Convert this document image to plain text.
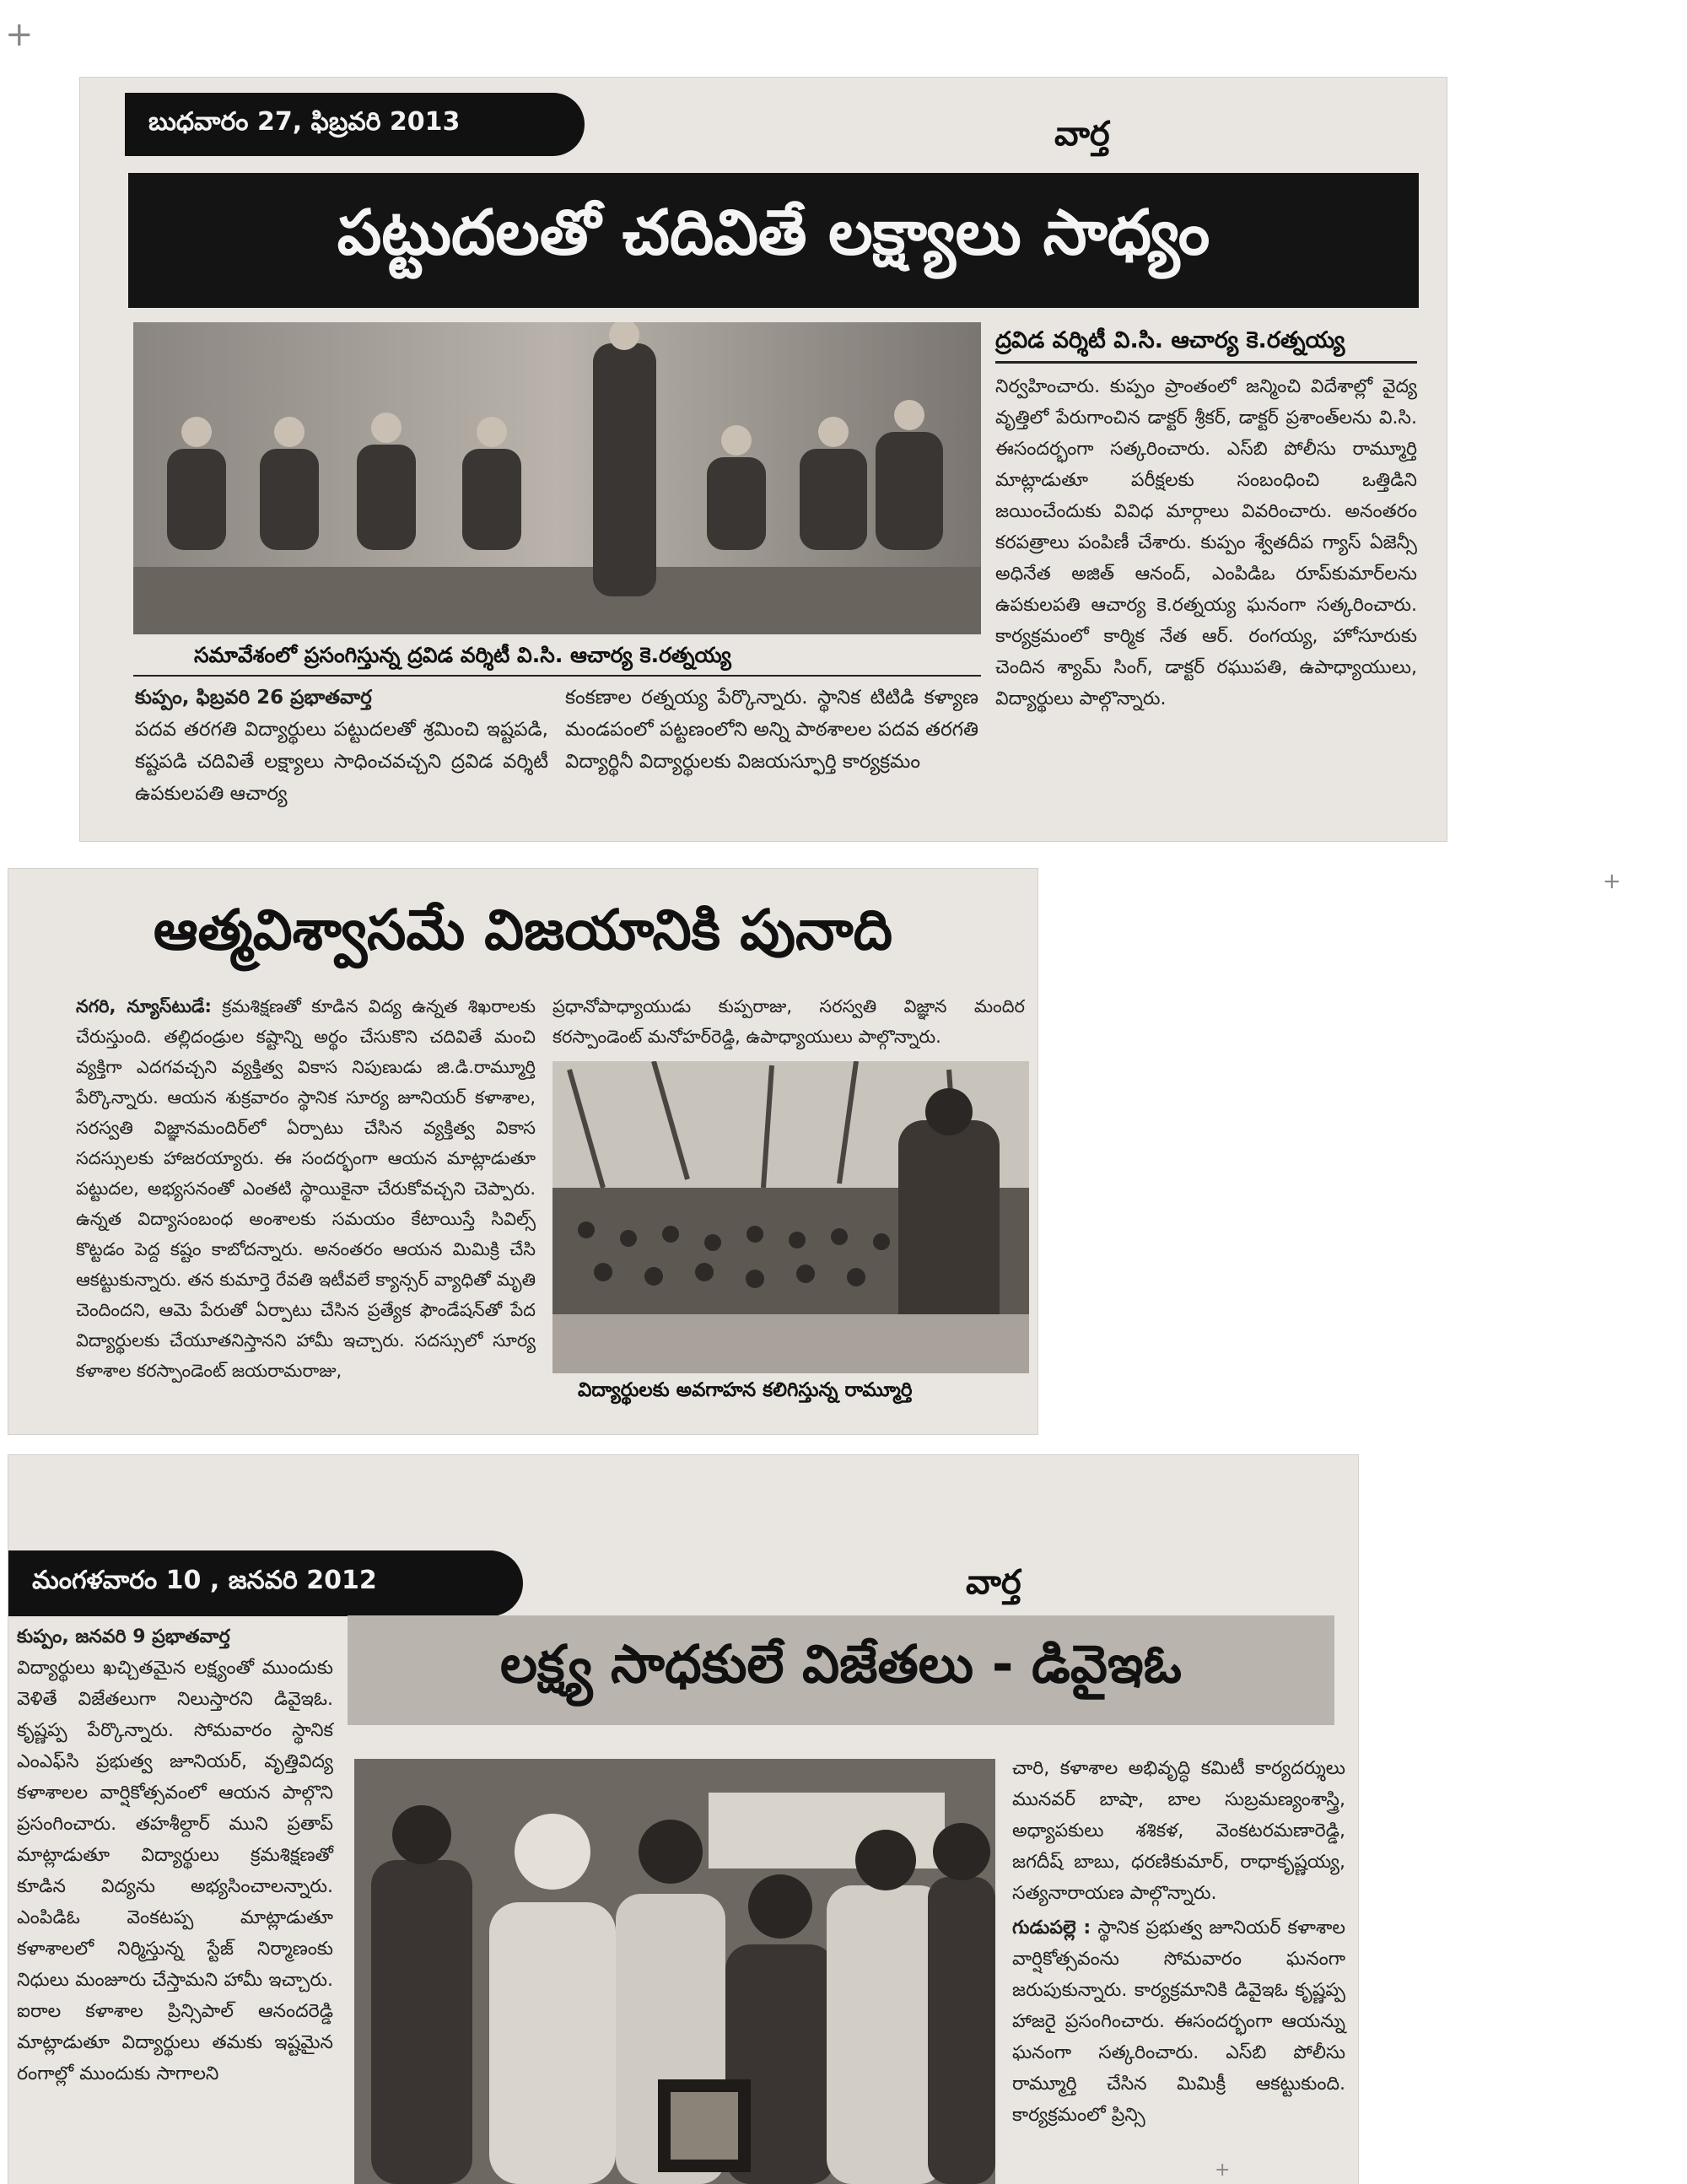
బుధవారం 27, ఫిబ్రవరి 2013	వార్త
పట్టుదలతో చదివితే లక్ష్యాలు సాధ్యం
ద్రవిడ వర్శిటీ వి.సి. ఆచార్య కె.రత్నయ్య
సమావేశంలో ప్రసంగిస్తున్న ద్రవిడ వర్శిటీ వి.సి. ఆచార్య కె.రత్నయ్య
కుప్పం, ఫిబ్రవరి 26 ప్రభాతవార్త
పదవ తరగతి విద్యార్థులు పట్టుదలతో శ్రమించి ఇష్టపడి, కష్టపడి చదివితే లక్ష్యాలు సాధించవచ్చని ద్రవిడ వర్శిటీ ఉపకులపతి ఆచార్య
కంకణాల రత్నయ్య పేర్కొన్నారు. స్థానిక టిటిడి కళ్యాణ మండపంలో పట్టణంలోని అన్ని పాఠశాలల పదవ తరగతి విద్యార్థినీ విద్యార్థులకు విజయస్ఫూర్తి కార్యక్రమం
నిర్వహించారు. కుప్పం ప్రాంతంలో జన్మించి విదేశాల్లో వైద్య వృత్తిలో పేరుగాంచిన డాక్టర్ శ్రీకర్, డాక్టర్ ప్రశాంత్‌లను వి.సి. ఈసందర్భంగా సత్కరించారు. ఎస్‌బి పోలీసు రామ్మూర్తి మాట్లాడుతూ పరీక్షలకు సంబంధించి ఒత్తిడిని జయించేందుకు వివిధ మార్గాలు వివరించారు. అనంతరం కరపత్రాలు పంపిణీ చేశారు. కుప్పం శ్వేతదీప గ్యాస్ ఏజెన్సీ అధినేత అజిత్ ఆనంద్, ఎంపిడిఒ రూప్‌కుమార్‌లను ఉపకులపతి ఆచార్య కె.రత్నయ్య ఘనంగా సత్కరించారు. కార్యక్రమంలో కార్మిక నేత ఆర్. రంగయ్య, హోసూరుకు చెందిన శ్యామ్ సింగ్, డాక్టర్ రఘుపతి, ఉపాధ్యాయులు, విద్యార్థులు పాల్గొన్నారు.
ఆత్మవిశ్వాసమే విజయానికి పునాది
నగరి, న్యూస్‌టుడే: క్రమశిక్షణతో కూడిన విద్య ఉన్నత శిఖరాలకు చేరుస్తుంది. తల్లిదండ్రుల కష్టాన్ని అర్థం చేసుకొని చదివితే మంచి వ్యక్తిగా ఎదగవచ్చని వ్యక్తిత్వ వికాస నిపుణుడు జి.డి.రామ్మూర్తి పేర్కొన్నారు. ఆయన శుక్రవారం స్థానిక సూర్య జూనియర్ కళాశాల, సరస్వతి విజ్ఞానమందిర్‌లో ఏర్పాటు చేసిన వ్యక్తిత్వ వికాస సదస్సులకు హాజరయ్యారు. ఈ సందర్భంగా ఆయన మాట్లాడుతూ పట్టుదల, అభ్యసనంతో ఎంతటి స్థాయికైనా చేరుకోవచ్చని చెప్పారు. ఉన్నత విద్యాసంబంధ అంశాలకు సమయం కేటాయిస్తే సివిల్స్ కొట్టడం పెద్ద కష్టం కాబోదన్నారు. అనంతరం ఆయన మిమిక్రి చేసి ఆకట్టుకున్నారు. తన కుమార్తె రేవతి ఇటీవలే క్యాన్సర్ వ్యాధితో మృతి చెందిందని, ఆమె పేరుతో ఏర్పాటు చేసిన ప్రత్యేక ఫౌండేషన్‌తో పేద విద్యార్థులకు చేయూతనిస్తానని హామీ ఇచ్చారు. సదస్సులో సూర్య కళాశాల కరస్పాండెంట్ జయరామరాజు,
ప్రధానోపాధ్యాయుడు కుప్పరాజు, సరస్వతి విజ్ఞాన మందిర కరస్పాండెంట్ మనోహర్‌రెడ్డి, ఉపాధ్యాయులు పాల్గొన్నారు.
విద్యార్థులకు అవగాహన కలిగిస్తున్న రామ్మూర్తి
మంగళవారం 10 , జనవరి 2012	వార్త
లక్ష్య సాధకులే విజేతలు - డివైఇఓ
కుప్పం, జనవరి 9 ప్రభాతవార్త
విద్యార్థులు ఖచ్చితమైన లక్ష్యంతో ముందుకు వెళితే విజేతలుగా నిలుస్తారని డివైఇఓ. కృష్ణప్ప పేర్కొన్నారు. సోమవారం స్థానిక ఎంఎఫ్‌సి ప్రభుత్వ జూనియర్, వృత్తివిద్య కళాశాలల వార్షికోత్సవంలో ఆయన పాల్గొని ప్రసంగించారు. తహశీల్దార్ ముని ప్రతాప్ మాట్లాడుతూ విద్యార్థులు క్రమశిక్షణతో కూడిన విద్యను అభ్యసించాలన్నారు. ఎంపిడిఓ వెంకటప్ప మాట్లాడుతూ కళాశాలలో నిర్మిస్తున్న స్టేజ్ నిర్మాణంకు నిధులు మంజూరు చేస్తామని హామీ ఇచ్చారు. ఐరాల కళాశాల ప్రిన్సిపాల్ ఆనందరెడ్డి మాట్లాడుతూ విద్యార్థులు తమకు ఇష్టమైన రంగాల్లో ముందుకు సాగాలని
చారి, కళాశాల అభివృద్ధి కమిటీ కార్యదర్శులు మునవర్ బాషా, బాల సుబ్రమణ్యంశాస్త్రి, అధ్యాపకులు శశికళ, వెంకటరమణారెడ్డి, జగదీష్ బాబు, ధరణికుమార్, రాధాకృష్ణయ్య, సత్యనారాయణ పాల్గొన్నారు.
గుడుపల్లె : స్థానిక ప్రభుత్వ జూనియర్ కళాశాల వార్షికోత్సవంను సోమవారం ఘనంగా జరుపుకున్నారు. కార్యక్రమానికి డివైఇఓ కృష్ణప్ప హాజరై ప్రసంగించారు. ఈసందర్భంగా ఆయన్ను ఘనంగా సత్కరించారు. ఎస్‌బి పోలీసు రామ్మూర్తి చేసిన మిమిక్రీ ఆకట్టుకుంది. కార్యక్రమంలో ప్రిన్సి
+
+
+
